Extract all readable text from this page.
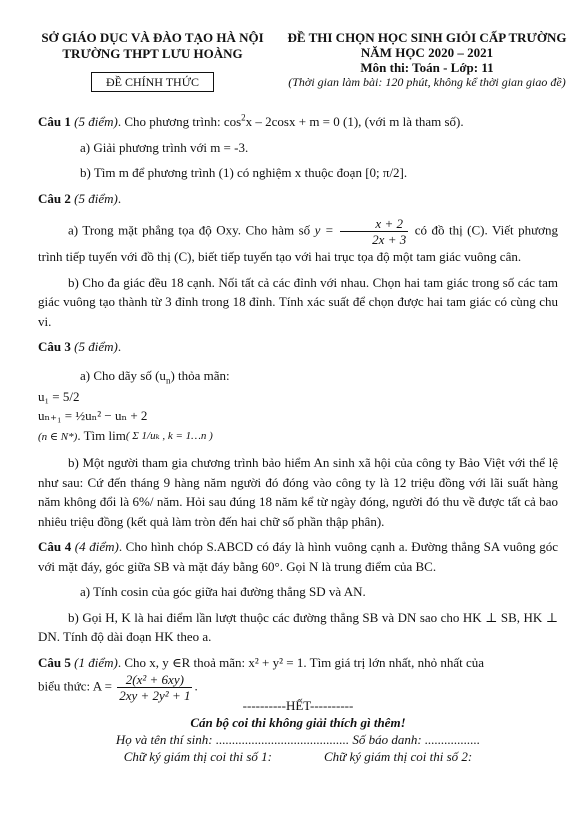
SỞ GIÁO DỤC VÀ ĐÀO TẠO HÀ NỘI
TRƯỜNG THPT LƯU HOÀNG
ĐỀ CHÍNH THỨC
ĐỀ THI CHỌN HỌC SINH GIỎI CẤP TRƯỜNG
NĂM HỌC 2020 – 2021
Môn thi: Toán - Lớp: 11
(Thời gian làm bài: 120 phút, không kể thời gian giao đề)

Câu 1 (5 điểm). Cho phương trình: $\cos^2x - 2\cos x + m = 0$ (1), (với m là tham số).

a) Giải phương trình với m = -3.

b) Tìm m để phương trình (1) có nghiệm x thuộc đoạn [0; π/2].

Câu 2 (5 điểm).

a) Trong mặt phẳng tọa độ Oxy. Cho hàm số $y = \frac{x + 2}{2x + 3}$ có đồ thị (C). Viết phương trình tiếp tuyến với đồ thị (C), biết tiếp tuyến tạo với hai trục tọa độ một tam giác vuông cân.

b) Cho đa giác đều 18 cạnh. Nối tất cả các đỉnh với nhau. Chọn hai tam giác trong số các tam giác vuông tạo thành từ 3 đỉnh trong 18 đỉnh. Tính xác suất để chọn được hai tam giác có cùng chu vi.

Câu 3 (5 điểm).

a) Cho dãy số $(u_n)$ thỏa mãn:

u₁ = 5/2
uₙ₊₁ = ½uₙ² − uₙ + 2
(n ∈ N*). Tìm lim( Σ 1/uₖ , k = 1…n )

b) Một người tham gia chương trình bảo hiểm An sinh xã hội của công ty Bảo Việt với thể lệ như sau: Cứ đến tháng 9 hàng năm người đó đóng vào công ty là 12 triệu đồng với lãi suất hàng năm không đổi là 6%/ năm. Hỏi sau đúng 18 năm kể từ ngày đóng, người đó thu về được tất cả bao nhiêu triệu đồng (kết quả làm tròn đến hai chữ số phần thập phân).

Câu 4 (4 điểm). Cho hình chóp S.ABCD có đáy là hình vuông cạnh a. Đường thẳng SA vuông góc với mặt đáy, góc giữa SB và mặt đáy bằng 60°. Gọi N là trung điểm của BC.

a) Tính cosin của góc giữa hai đường thẳng SD và AN.

b) Gọi H, K là hai điểm lần lượt thuộc các đường thẳng SB và DN sao cho HK ⊥ SB, HK ⊥ DN. Tính độ dài đoạn HK theo a.

Câu 5 (1 điểm). Cho x, y ∈R thoả mãn: x² + y² = 1. Tìm giá trị lớn nhất, nhỏ nhất của

biểu thức: $A = \frac{\text{2(x² + 6xy)}}{\text{2xy + 2y² + 1}}$ .

----------HẾT----------
Cán bộ coi thi không giải thích gì thêm!
Họ và tên thí sinh: ......................................... Số báo danh: .................
Chữ ký giám thị coi thi số 1:                Chữ ký giám thị coi thi số 2:
